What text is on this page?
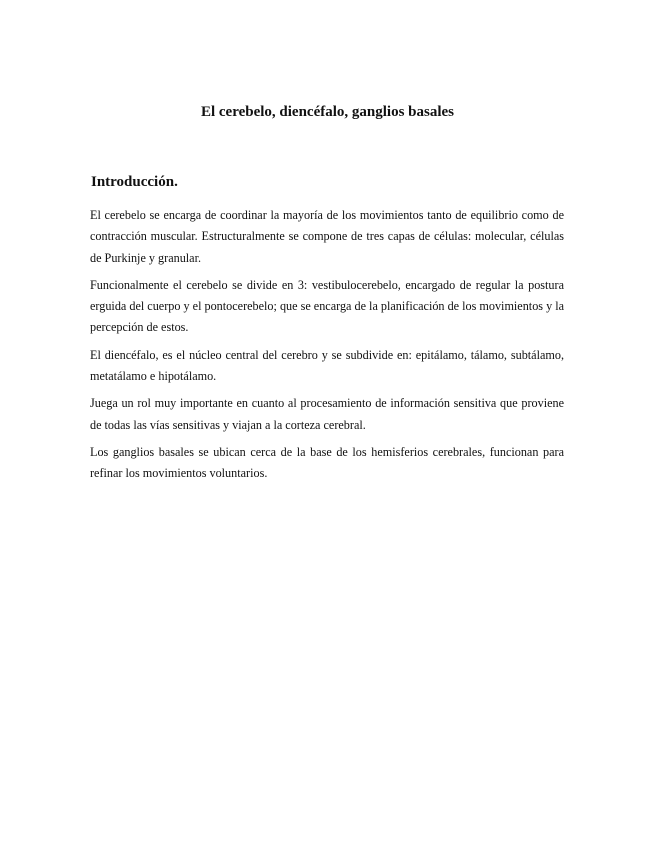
El cerebelo, diencéfalo, ganglios basales
Introducción.

El cerebelo se encarga de coordinar la mayoría de los movimientos tanto de equilibrio como de contracción muscular. Estructuralmente se compone de tres capas de células: molecular, células de Purkinje y granular.

Funcionalmente el cerebelo se divide en 3: vestibulocerebelo, encargado de regular la postura erguida del cuerpo y el pontocerebelo; que se encarga de la planificación de los movimientos y la percepción de estos.

El diencéfalo, es el núcleo central del cerebro y se subdivide en: epitálamo, tálamo, subtálamo, metatálamo e hipotálamo.

Juega un rol muy importante en cuanto al procesamiento de información sensitiva que proviene de todas las vías sensitivas y viajan a la corteza cerebral.

Los ganglios basales se ubican cerca de la base de los hemisferios cerebrales, funcionan para refinar los movimientos voluntarios.
